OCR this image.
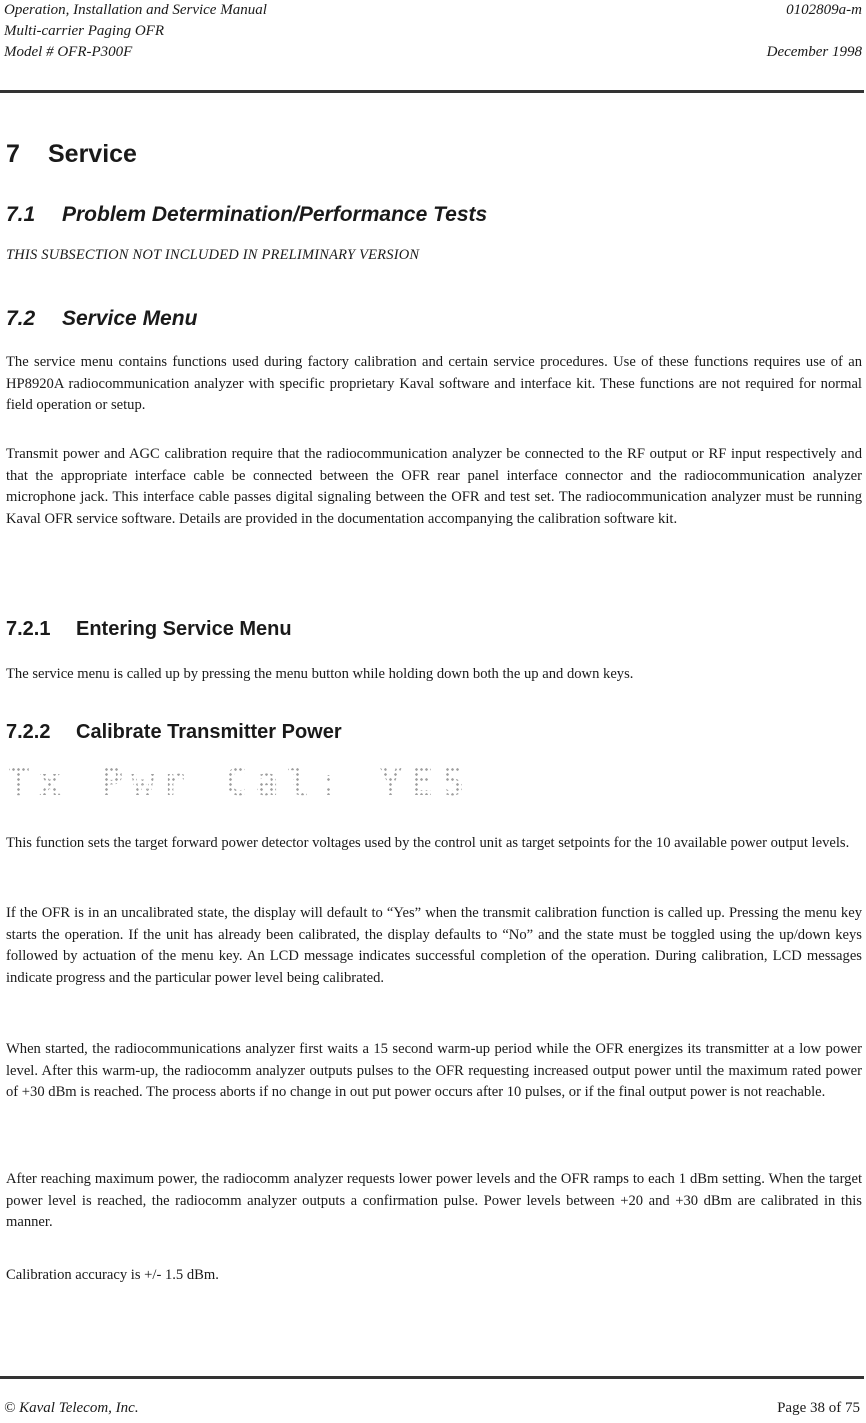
Operation, Installation and Service Manual
Multi-carrier Paging OFR
Model # OFR-P300F
0102809a-m
December 1998
7 Service
7.1 Problem Determination/Performance Tests
THIS SUBSECTION NOT INCLUDED IN PRELIMINARY VERSION
7.2 Service Menu

The service menu contains functions used during factory calibration and certain service procedures. Use of these functions requires use of an HP8920A radiocommunication analyzer with specific proprietary Kaval software and interface kit. These functions are not required for normal field operation or setup.

Transmit power and AGC calibration require that the radiocommunication analyzer be connected to the RF output or RF input respectively and that the appropriate interface cable be connected between the OFR rear panel interface connector and the radiocommunication analyzer microphone jack. This interface cable passes digital signaling between the OFR and test set. The radiocommunication analyzer must be running Kaval OFR service software. Details are provided in the documentation accompanying the calibration software kit.

7.2.1 Entering Service Menu

The service menu is called up by pressing the menu button while holding down both the up and down keys.

7.2.2 Calibrate Transmitter Power
T x
P w r
C a l :
Y E S

This function sets the target forward power detector voltages used by the control unit as target setpoints for the 10 available power output levels.

If the OFR is in an uncalibrated state, the display will default to “Yes” when the transmit calibration function is called up. Pressing the menu key starts the operation. If the unit has already been calibrated, the display defaults to “No” and the state must be toggled using the up/down keys followed by actuation of the menu key. An LCD message indicates successful completion of the operation. During calibration, LCD messages indicate progress and the particular power level being calibrated.

When started, the radiocommunications analyzer first waits a 15 second warm-up period while the OFR energizes its transmitter at a low power level. After this warm-up, the radiocomm analyzer outputs pulses to the OFR requesting increased output power until the maximum rated power of +30 dBm is reached. The process aborts if no change in out put power occurs after 10 pulses, or if the final output power is not reachable.

After reaching maximum power, the radiocomm analyzer requests lower power levels and the OFR ramps to each 1 dBm setting. When the target power level is reached, the radiocomm analyzer outputs a confirmation pulse. Power levels between +20 and +30 dBm are calibrated in this manner.

Calibration accuracy is +/- 1.5 dBm.

© Kaval Telecom, Inc.	Page 38 of 75
